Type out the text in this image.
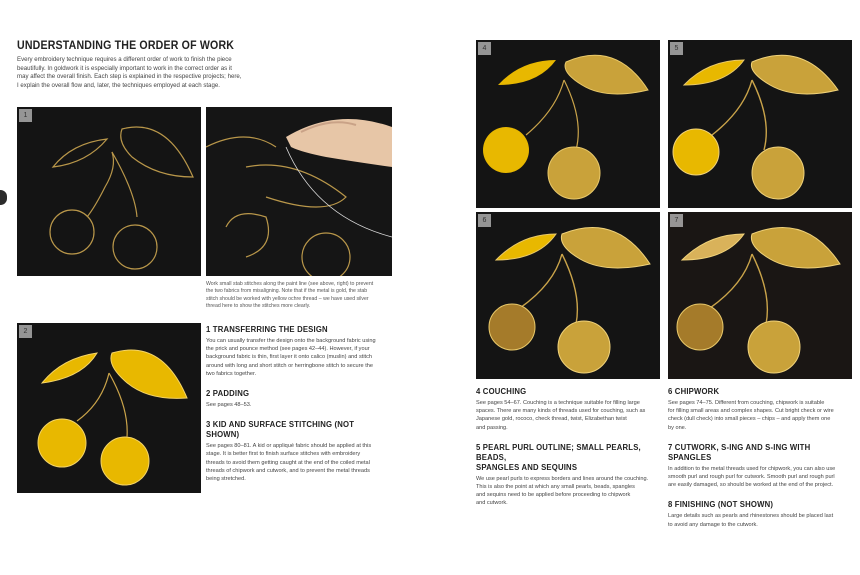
UNDERSTANDING THE ORDER OF WORK
Every embroidery technique requires a different order of work to finish the piece
beautifully. In goldwork it is especially important to work in the correct order as it
may affect the overall finish. Each step is explained in the respective projects; here,
I explain the overall flow and, later, the techniques employed at each stage.
1
Work small stab stitches along the paint line (see above, right) to prevent
the two fabrics from misaligning. Note that if the metal is gold, the stab
stitch should be worked with yellow ochre thread – we have used silver
thread here to show the stitches more clearly.
2	1 TRANSFERRING THE DESIGN
You can usually transfer the design onto the background fabric using
the prick and pounce method (see pages 42–44). However, if your
background fabric is thin, first layer it onto calico (muslin) and stitch
around with long and short stitch or herringbone stitch to secure the
two fabrics together.
2 PADDING
See pages 48–53.
3 KID AND SURFACE STITCHING (NOT SHOWN)
See pages 80–81. A kid or appliqué fabric should be applied at this
stage. It is better first to finish surface stitches with embroidery
threads to avoid them getting caught at the end of the coiled metal
threads of chipwork and cutwork, and to prevent the metal threads
being stretched.
4	5
6	7
4 COUCHING
See pages 54–67. Couching is a technique suitable for filling large
spaces. There are many kinds of threads used for couching, such as
Japanese gold, rococo, check thread, twist, Elizabethan twist
and passing.
5 PEARL PURL OUTLINE; SMALL PEARLS, BEADS,
SPANGLES AND SEQUINS
We use pearl purls to express borders and lines around the couching.
This is also the point at which any small pearls, beads, spangles
and sequins need to be applied before proceeding to chipwork
and cutwork.
6 CHIPWORK
See pages 74–75. Different from couching, chipwork is suitable
for filling small areas and complex shapes. Cut bright check or wire
check (dull check) into small pieces – chips – and apply them one
by one.
7 CUTWORK, S-ING AND S-ING WITH SPANGLES
In addition to the metal threads used for chipwork, you can also use
smooth purl and rough purl for cutwork. Smooth purl and rough purl
are easily damaged, so should be worked at the end of the project.
8 FINISHING (NOT SHOWN)
Large details such as pearls and rhinestones should be placed last
to avoid any damage to the cutwork.
